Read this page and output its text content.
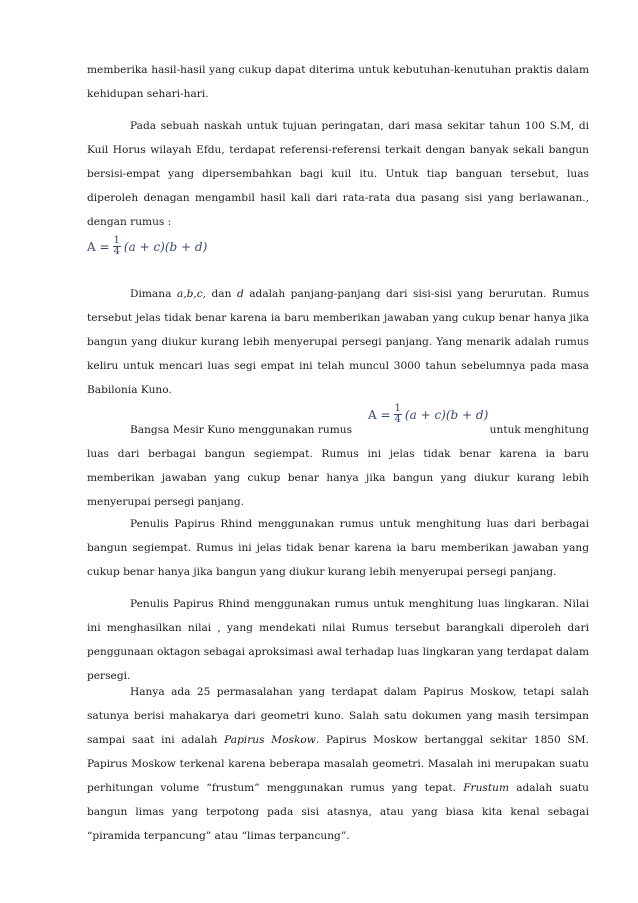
memberika hasil-hasil yang cukup dapat diterima untuk kebutuhan-kenutuhan praktis dalam kehidupan sehari-hari.

Pada sebuah naskah untuk tujuan peringatan, dari masa sekitar tahun 100 S.M, di Kuil Horus wilayah Efdu, terdapat referensi-referensi terkait dengan banyak sekali bangun bersisi-empat yang dipersembahkan bagi kuil itu. Untuk tiap banguan tersebut, luas diperoleh denagan mengambil hasil kali dari rata-rata dua pasang sisi yang berlawanan., dengan rumus :

$A = \frac{1}{4} (a + c)(b + d)$

Dimana a,b,c, dan d adalah panjang-panjang dari sisi-sisi yang berurutan. Rumus tersebut jelas tidak benar karena ia baru memberikan jawaban yang cukup benar hanya jika bangun yang diukur kurang lebih menyerupai persegi panjang. Yang menarik adalah rumus keliru untuk mencari luas segi empat ini telah muncul 3000 tahun sebelumnya pada masa Babilonia Kuno.

Bangsa Mesir Kuno menggunakan rumus	untuk menghitung
$A = \frac{1}{4} (a + c)(b + d)$

luas dari berbagai bangun segiempat. Rumus ini jelas tidak benar karena ia baru memberikan jawaban yang cukup benar hanya jika bangun yang diukur kurang lebih menyerupai persegi panjang.

Penulis Papirus Rhind menggunakan rumus untuk menghitung luas dari berbagai bangun segiempat. Rumus ini jelas tidak benar karena ia baru memberikan jawaban yang cukup benar hanya jika bangun yang diukur kurang lebih menyerupai persegi panjang.

Penulis Papirus Rhind menggunakan rumus untuk menghitung luas lingkaran. Nilai ini menghasilkan nilai , yang mendekati nilai Rumus tersebut barangkali diperoleh dari penggunaan oktagon sebagai aproksimasi awal terhadap luas lingkaran yang terdapat dalam persegi.

Hanya ada 25 permasalahan yang terdapat dalam Papirus Moskow, tetapi salah satunya berisi mahakarya dari geometri kuno. Salah satu dokumen yang masih tersimpan sampai saat ini adalah Papirus Moskow. Papirus Moskow bertanggal sekitar 1850 SM. Papirus Moskow terkenal karena beberapa masalah geometri. Masalah ini merupakan suatu perhitungan volume “frustum” menggunakan rumus yang tepat. Frustum adalah suatu bangun limas yang terpotong pada sisi atasnya, atau yang biasa kita kenal sebagai “piramida terpancung” atau “limas terpancung”.
